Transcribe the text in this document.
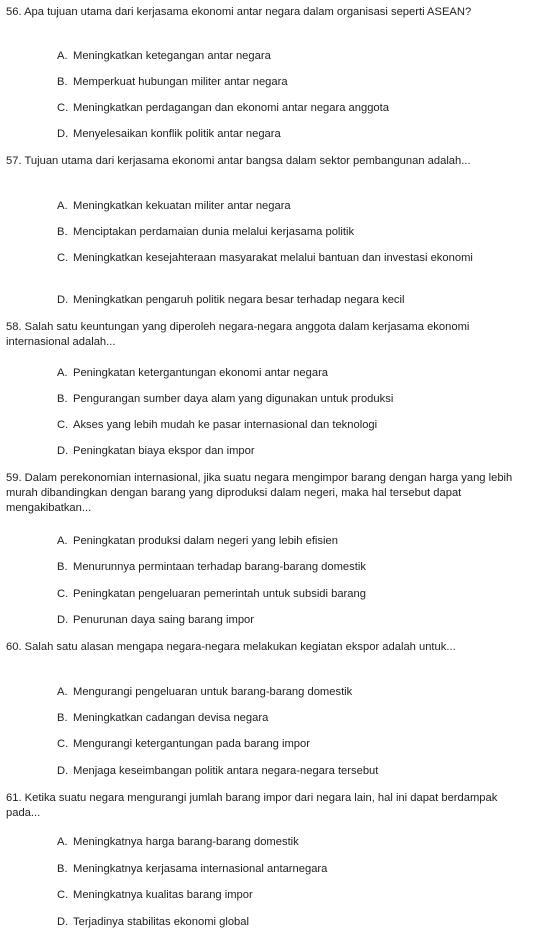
56. Apa tujuan utama dari kerjasama ekonomi antar negara dalam organisasi seperti ASEAN?
A. Meningkatkan ketegangan antar negara
B. Memperkuat hubungan militer antar negara
C. Meningkatkan perdagangan dan ekonomi antar negara anggota
D. Menyelesaikan konflik politik antar negara
57. Tujuan utama dari kerjasama ekonomi antar bangsa dalam sektor pembangunan adalah...
A. Meningkatkan kekuatan militer antar negara
B. Menciptakan perdamaian dunia melalui kerjasama politik
C. Meningkatkan kesejahteraan masyarakat melalui bantuan dan investasi ekonomi
D. Meningkatkan pengaruh politik negara besar terhadap negara kecil
58. Salah satu keuntungan yang diperoleh negara-negara anggota dalam kerjasama ekonomi internasional adalah...
A. Peningkatan ketergantungan ekonomi antar negara
B. Pengurangan sumber daya alam yang digunakan untuk produksi
C. Akses yang lebih mudah ke pasar internasional dan teknologi
D. Peningkatan biaya ekspor dan impor
59. Dalam perekonomian internasional, jika suatu negara mengimpor barang dengan harga yang lebih murah dibandingkan dengan barang yang diproduksi dalam negeri, maka hal tersebut dapat mengakibatkan...
A. Peningkatan produksi dalam negeri yang lebih efisien
B. Menurunnya permintaan terhadap barang-barang domestik
C. Peningkatan pengeluaran pemerintah untuk subsidi barang
D. Penurunan daya saing barang impor
60. Salah satu alasan mengapa negara-negara melakukan kegiatan ekspor adalah untuk...
A. Mengurangi pengeluaran untuk barang-barang domestik
B. Meningkatkan cadangan devisa negara
C. Mengurangi ketergantungan pada barang impor
D. Menjaga keseimbangan politik antara negara-negara tersebut
61. Ketika suatu negara mengurangi jumlah barang impor dari negara lain, hal ini dapat berdampak pada...
A. Meningkatnya harga barang-barang domestik
B. Meningkatnya kerjasama internasional antarnegara
C. Meningkatnya kualitas barang impor
D. Terjadinya stabilitas ekonomi global
